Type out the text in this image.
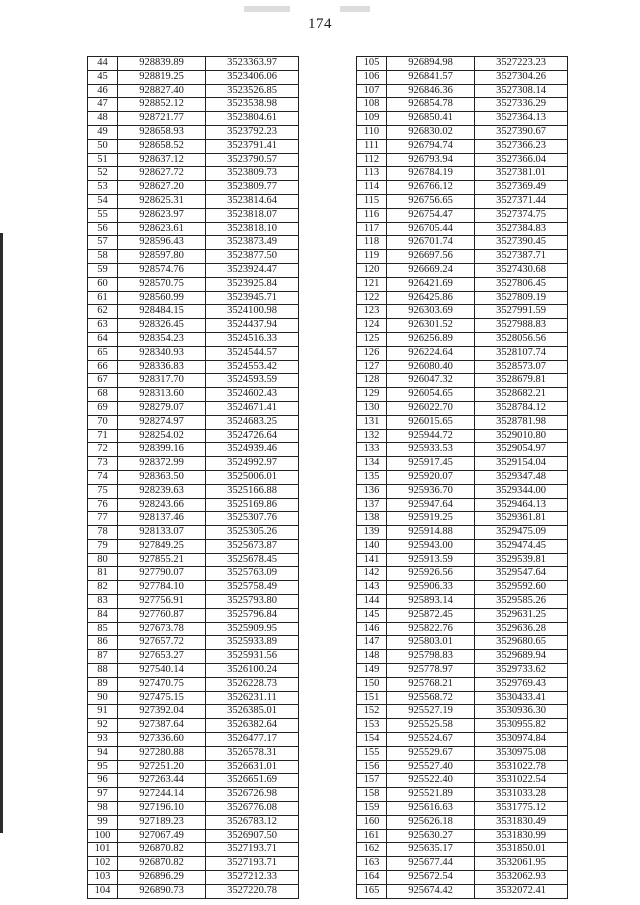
174
44	928839.89	3523363.97
45	928819.25	3523406.06
46	928827.40	3523526.85
47	928852.12	3523538.98
48	928721.77	3523804.61
49	928658.93	3523792.23
50	928658.52	3523791.41
51	928637.12	3523790.57
52	928627.72	3523809.73
53	928627.20	3523809.77
54	928625.31	3523814.64
55	928623.97	3523818.07
56	928623.61	3523818.10
57	928596.43	3523873.49
58	928597.80	3523877.50
59	928574.76	3523924.47
60	928570.75	3523925.84
61	928560.99	3523945.71
62	928484.15	3524100.98
63	928326.45	3524437.94
64	928354.23	3524516.33
65	928340.93	3524544.57
66	928336.83	3524553.42
67	928317.70	3524593.59
68	928313.60	3524602.43
69	928279.07	3524671.41
70	928274.97	3524683.25
71	928254.02	3524726.64
72	928399.16	3524939.46
73	928372.99	3524992.97
74	928363.50	3525006.01
75	928239.63	3525166.88
76	928243.66	3525169.86
77	928137.46	3525307.76
78	928133.07	3525305.26
79	927849.25	3525673.87
80	927855.21	3525678.45
81	927790.07	3525763.09
82	927784.10	3525758.49
83	927756.91	3525793.80
84	927760.87	3525796.84
85	927673.78	3525909.95
86	927657.72	3525933.89
87	927653.27	3525931.56
88	927540.14	3526100.24
89	927470.75	3526228.73
90	927475.15	3526231.11
91	927392.04	3526385.01
92	927387.64	3526382.64
93	927336.60	3526477.17
94	927280.88	3526578.31
95	927251.20	3526631.01
96	927263.44	3526651.69
97	927244.14	3526726.98
98	927196.10	3526776.08
99	927189.23	3526783.12
100	927067.49	3526907.50
101	926870.82	3527193.71
102	926870.82	3527193.71
103	926896.29	3527212.33
104	926890.73	3527220.78
105	926894.98	3527223.23
106	926841.57	3527304.26
107	926846.36	3527308.14
108	926854.78	3527336.29
109	926850.41	3527364.13
110	926830.02	3527390.67
111	926794.74	3527366.23
112	926793.94	3527366.04
113	926784.19	3527381.01
114	926766.12	3527369.49
115	926756.65	3527371.44
116	926754.47	3527374.75
117	926705.44	3527384.83
118	926701.74	3527390.45
119	926697.56	3527387.71
120	926669.24	3527430.68
121	926421.69	3527806.45
122	926425.86	3527809.19
123	926303.69	3527991.59
124	926301.52	3527988.83
125	926256.89	3528056.56
126	926224.64	3528107.74
127	926080.40	3528573.07
128	926047.32	3528679.81
129	926054.65	3528682.21
130	926022.70	3528784.12
131	926015.65	3528781.98
132	925944.72	3529010.80
133	925933.53	3529054.97
134	925917.45	3529154.04
135	925920.07	3529347.48
136	925936.70	3529344.00
137	925947.64	3529464.13
138	925919.25	3529361.81
139	925914.88	3529475.09
140	925943.00	3529474.45
141	925913.59	3529539.81
142	925926.56	3529547.64
143	925906.33	3529592.60
144	925893.14	3529585.26
145	925872.45	3529631.25
146	925822.76	3529636.28
147	925803.01	3529680.65
148	925798.83	3529689.94
149	925778.97	3529733.62
150	925768.21	3529769.43
151	925568.72	3530433.41
152	925527.19	3530936.30
153	925525.58	3530955.82
154	925524.67	3530974.84
155	925529.67	3530975.08
156	925527.40	3531022.78
157	925522.40	3531022.54
158	925521.89	3531033.28
159	925616.63	3531775.12
160	925626.18	3531830.49
161	925630.27	3531830.99
162	925635.17	3531850.01
163	925677.44	3532061.95
164	925672.54	3532062.93
165	925674.42	3532072.41
